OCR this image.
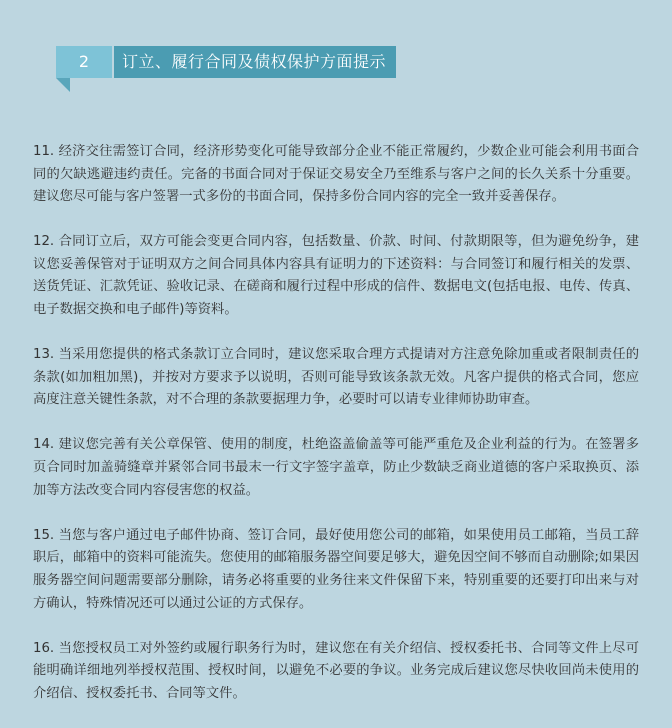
2	订立、履行合同及债权保护方面提示

11. 经济交往需签订合同，经济形势变化可能导致部分企业不能正常履约，少数企业可能会利用书面合同的欠缺逃避违约责任。完备的书面合同对于保证交易安全乃至维系与客户之间的长久关系十分重要。建议您尽可能与客户签署一式多份的书面合同，保持多份合同内容的完全一致并妥善保存。

12. 合同订立后，双方可能会变更合同内容，包括数量、价款、时间、付款期限等，但为避免纷争，建议您妥善保管对于证明双方之间合同具体内容具有证明力的下述资料：与合同签订和履行相关的发票、送货凭证、汇款凭证、验收记录、在磋商和履行过程中形成的信件、数据电文(包括电报、电传、传真、电子数据交换和电子邮件)等资料。

13. 当采用您提供的格式条款订立合同时，建议您采取合理方式提请对方注意免除加重或者限制责任的条款(如加粗加黑)，并按对方要求予以说明，否则可能导致该条款无效。凡客户提供的格式合同，您应高度注意关键性条款，对不合理的条款要据理力争，必要时可以请专业律师协助审查。

14. 建议您完善有关公章保管、使用的制度，杜绝盗盖偷盖等可能严重危及企业利益的行为。在签署多页合同时加盖骑缝章并紧邻合同书最末一行文字签字盖章，防止少数缺乏商业道德的客户采取换页、添加等方法改变合同内容侵害您的权益。

15. 当您与客户通过电子邮件协商、签订合同，最好使用您公司的邮箱，如果使用员工邮箱，当员工辞职后，邮箱中的资料可能流失。您使用的邮箱服务器空间要足够大，避免因空间不够而自动删除;如果因服务器空间问题需要部分删除，请务必将重要的业务往来文件保留下来，特别重要的还要打印出来与对方确认，特殊情况还可以通过公证的方式保存。

16. 当您授权员工对外签约或履行职务行为时，建议您在有关介绍信、授权委托书、合同等文件上尽可能明确详细地列举授权范围、授权时间，以避免不必要的争议。业务完成后建议您尽快收回尚未使用的介绍信、授权委托书、合同等文件。
